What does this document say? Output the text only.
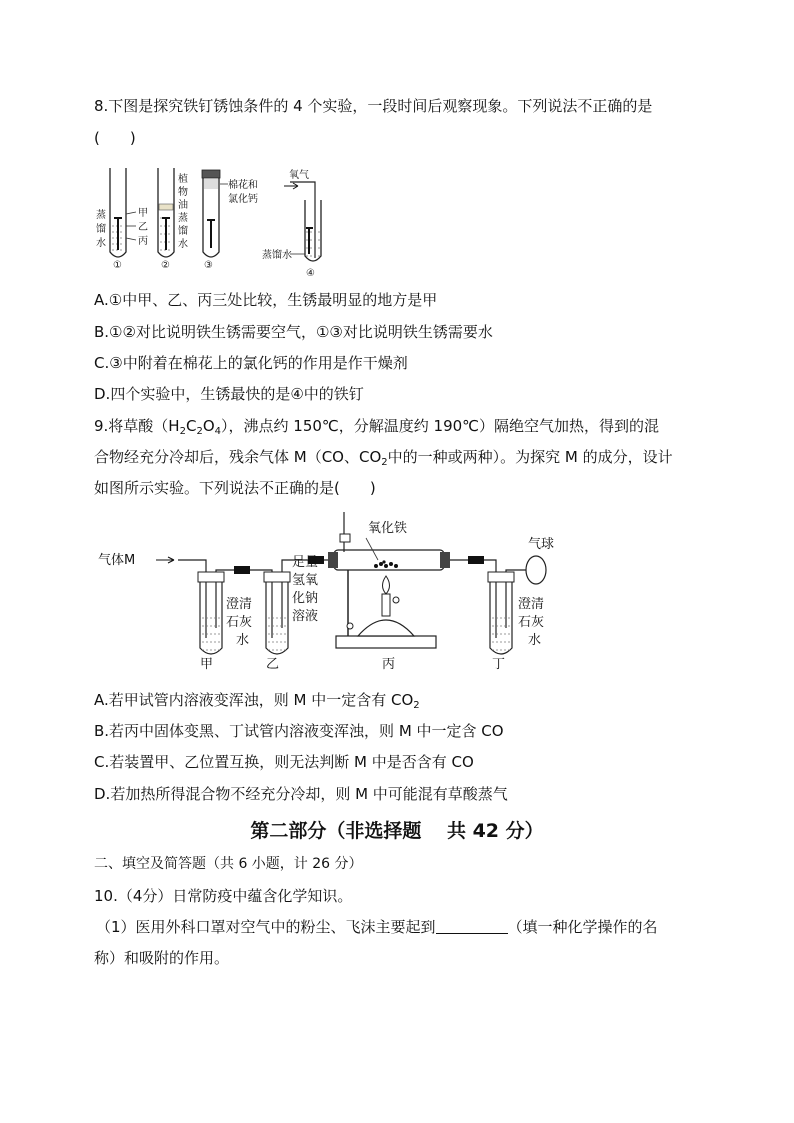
8.下图是探究铁钉锈蚀条件的 4 个实验，一段时间后观察现象。下列说法不正确的是
(　　)
蒸
馏
水
甲
乙
丙
①
植
物
油
蒸
馏
水
②
棉花和
氯化钙
③
氧气
蒸馏水
④
A.①中甲、乙、丙三处比较，生锈最明显的地方是甲
B.①②对比说明铁生锈需要空气，①③对比说明铁生锈需要水
C.③中附着在棉花上的氯化钙的作用是作干燥剂
D.四个实验中，生锈最快的是④中的铁钉
9.将草酸$(H_2C_2O_4)$，沸点约 150℃，分解温度约 190℃）隔绝空气加热，得到的混
合物经充分冷却后，残余气体 M（CO、$CO_2$中的一种或两种）。为探究 M 的成分，设计
如图所示实验。下列说法不正确的是(　　)
气体M
澄清
石灰
水
甲
足量
氢氧
化钠
溶液
乙
氧化铁
丙
气球
澄清
石灰
水
丁
A.若甲试管内溶液变浑浊，则 M 中一定含有 $CO_2$
B.若丙中固体变黑、丁试管内溶液变浑浊，则 M 中一定含 CO
C.若装置甲、乙位置互换，则无法判断 M 中是否含有 CO
D.若加热所得混合物不经充分冷却，则 M 中可能混有草酸蒸气
第二部分（非选择题　 共 42 分）
二、填空及简答题（共 6 小题，计 26 分）
10.（4分）日常防疫中蕴含化学知识。
（1）医用外科口罩对空气中的粉尘、飞沫主要起到	（填一种化学操作的名
称）和吸附的作用。
